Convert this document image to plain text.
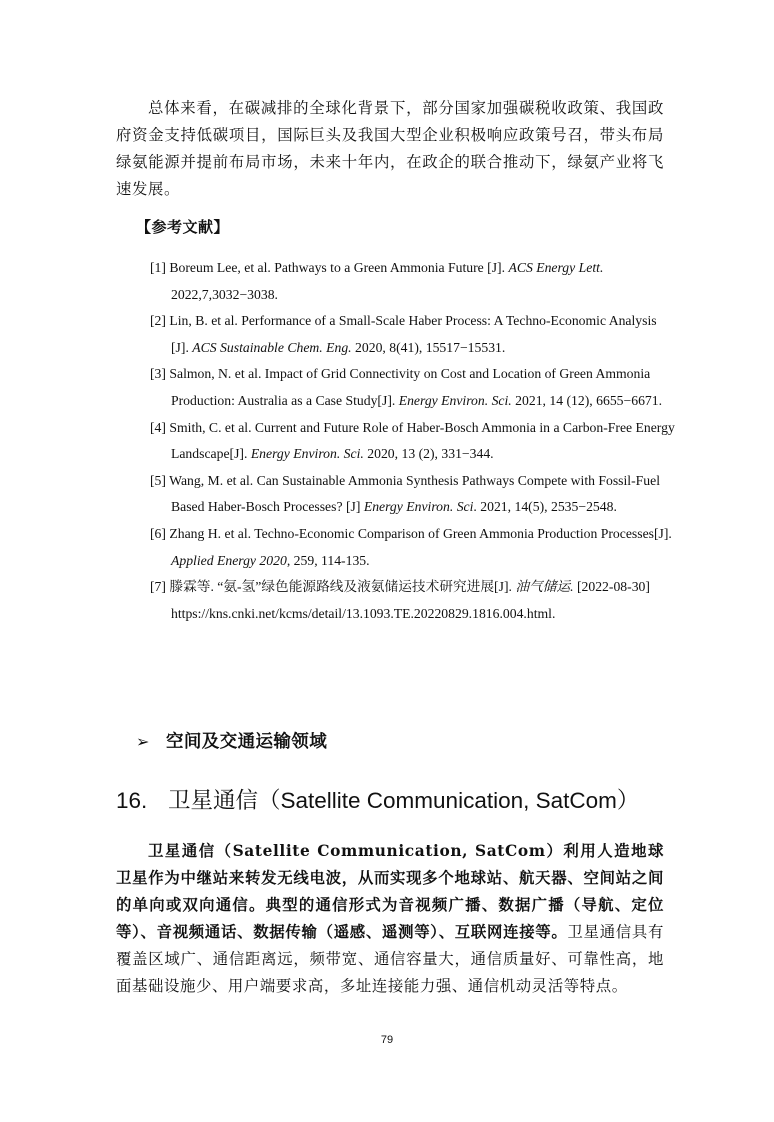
总体来看，在碳减排的全球化背景下，部分国家加强碳税收政策、我国政府资金支持低碳项目，国际巨头及我国大型企业积极响应政策号召，带头布局绿氨能源并提前布局市场，未来十年内，在政企的联合推动下，绿氨产业将飞速发展。
【参考文献】
[1] Boreum Lee, et al. Pathways to a Green Ammonia Future [J]. ACS Energy Lett. 2022,7,3032−3038.
[2] Lin, B. et al. Performance of a Small-Scale Haber Process: A Techno-Economic Analysis [J]. ACS Sustainable Chem. Eng. 2020, 8(41), 15517−15531.
[3] Salmon, N. et al. Impact of Grid Connectivity on Cost and Location of Green Ammonia Production: Australia as a Case Study[J]. Energy Environ. Sci. 2021, 14 (12), 6655−6671.
[4] Smith, C. et al. Current and Future Role of Haber-Bosch Ammonia in a Carbon-Free Energy Landscape[J]. Energy Environ. Sci. 2020, 13 (2), 331−344.
[5] Wang, M. et al. Can Sustainable Ammonia Synthesis Pathways Compete with Fossil-Fuel Based Haber-Bosch Processes? [J] Energy Environ. Sci. 2021, 14(5), 2535−2548.
[6] Zhang H. et al. Techno-Economic Comparison of Green Ammonia Production Processes[J]. Applied Energy 2020, 259, 114-135.
[7] 滕霖等. “氨-氢”绿色能源路线及液氨储运技术研究进展[J]. 油气储运. [2022-08-30] https://kns.cnki.net/kcms/detail/13.1093.TE.20220829.1816.004.html.
➢ 空间及交通运输领域
16. 卫星通信（Satellite Communication, SatCom）
卫星通信（Satellite Communication, SatCom）利用人造地球卫星作为中继站来转发无线电波，从而实现多个地球站、航天器、空间站之间的单向或双向通信。典型的通信形式为音视频广播、数据广播（导航、定位等）、音视频通话、数据传输（遥感、遥测等）、互联网连接等。卫星通信具有覆盖区域广、通信距离远，频带宽、通信容量大，通信质量好、可靠性高，地面基础设施少、用户端要求高，多址连接能力强、通信机动灵活等特点。
79
